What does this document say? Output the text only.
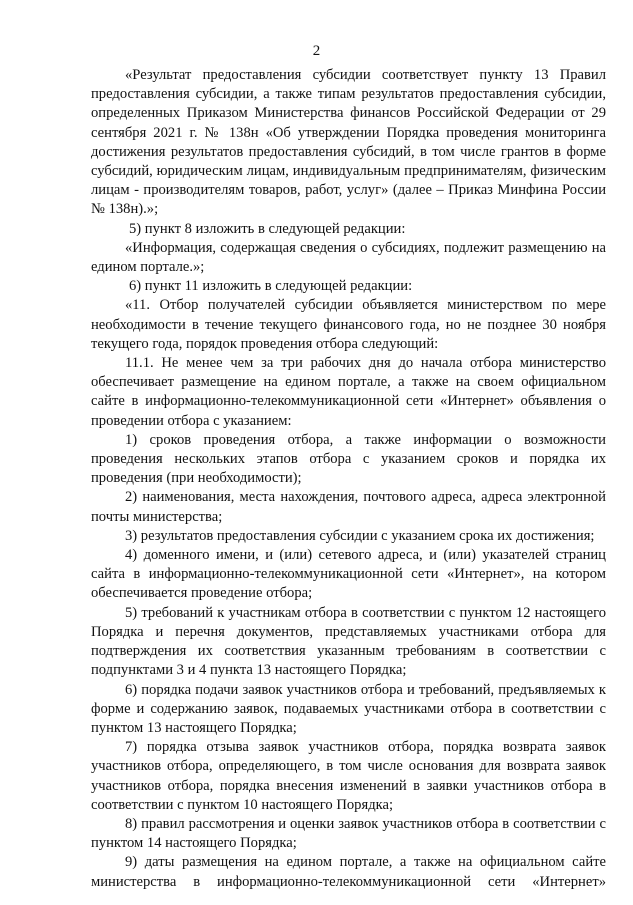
2

«Результат предоставления субсидии соответствует пункту 13 Правил предоставления субсидии, а также типам результатов предоставления субсидии, определенных Приказом Министерства финансов Российской Федерации от 29 сентября 2021 г. № 138н «Об утверждении Порядка проведения мониторинга достижения результатов предоставления субсидий, в том числе грантов в форме субсидий, юридическим лицам, индивидуальным предпринимателям, физическим лицам - производителям товаров, работ, услуг» (далее – Приказ Минфина России № 138н).»;

5) пункт 8 изложить в следующей редакции:

«Информация, содержащая сведения о субсидиях, подлежит размещению на едином портале.»;

6) пункт 11 изложить в следующей редакции:

«11. Отбор получателей субсидии объявляется министерством по мере необходимости в течение текущего финансового года, но не позднее 30 ноября текущего года, порядок проведения отбора следующий:

11.1. Не менее чем за три рабочих дня до начала отбора министерство обеспечивает размещение на едином портале, а также на своем официальном сайте в информационно-телекоммуникационной сети «Интернет» объявления о проведении отбора с указанием:

1) сроков проведения отбора, а также информации о возможности проведения нескольких этапов отбора с указанием сроков и порядка их проведения (при необходимости);

2) наименования, места нахождения, почтового адреса, адреса электронной почты министерства;

3) результатов предоставления субсидии с указанием срока их достижения;

4) доменного имени, и (или) сетевого адреса, и (или) указателей страниц сайта в информационно-телекоммуникационной сети «Интернет», на котором обеспечивается проведение отбора;

5) требований к участникам отбора в соответствии с пунктом 12 настоящего Порядка и перечня документов, представляемых участниками отбора для подтверждения их соответствия указанным требованиям в соответствии с подпунктами 3 и 4 пункта 13 настоящего Порядка;

6) порядка подачи заявок участников отбора и требований, предъявляемых к форме и содержанию заявок, подаваемых участниками отбора в соответствии с пунктом 13 настоящего Порядка;

7) порядка отзыва заявок участников отбора, порядка возврата заявок участников отбора, определяющего, в том числе основания для возврата заявок участников отбора, порядка внесения изменений в заявки участников отбора в соответствии с пунктом 10 настоящего Порядка;

8) правил рассмотрения и оценки заявок участников отбора в соответствии с пунктом 14 настоящего Порядка;

9) даты размещения на едином портале, а также на официальном сайте министерства в информационно-телекоммуникационной сети «Интернет»
